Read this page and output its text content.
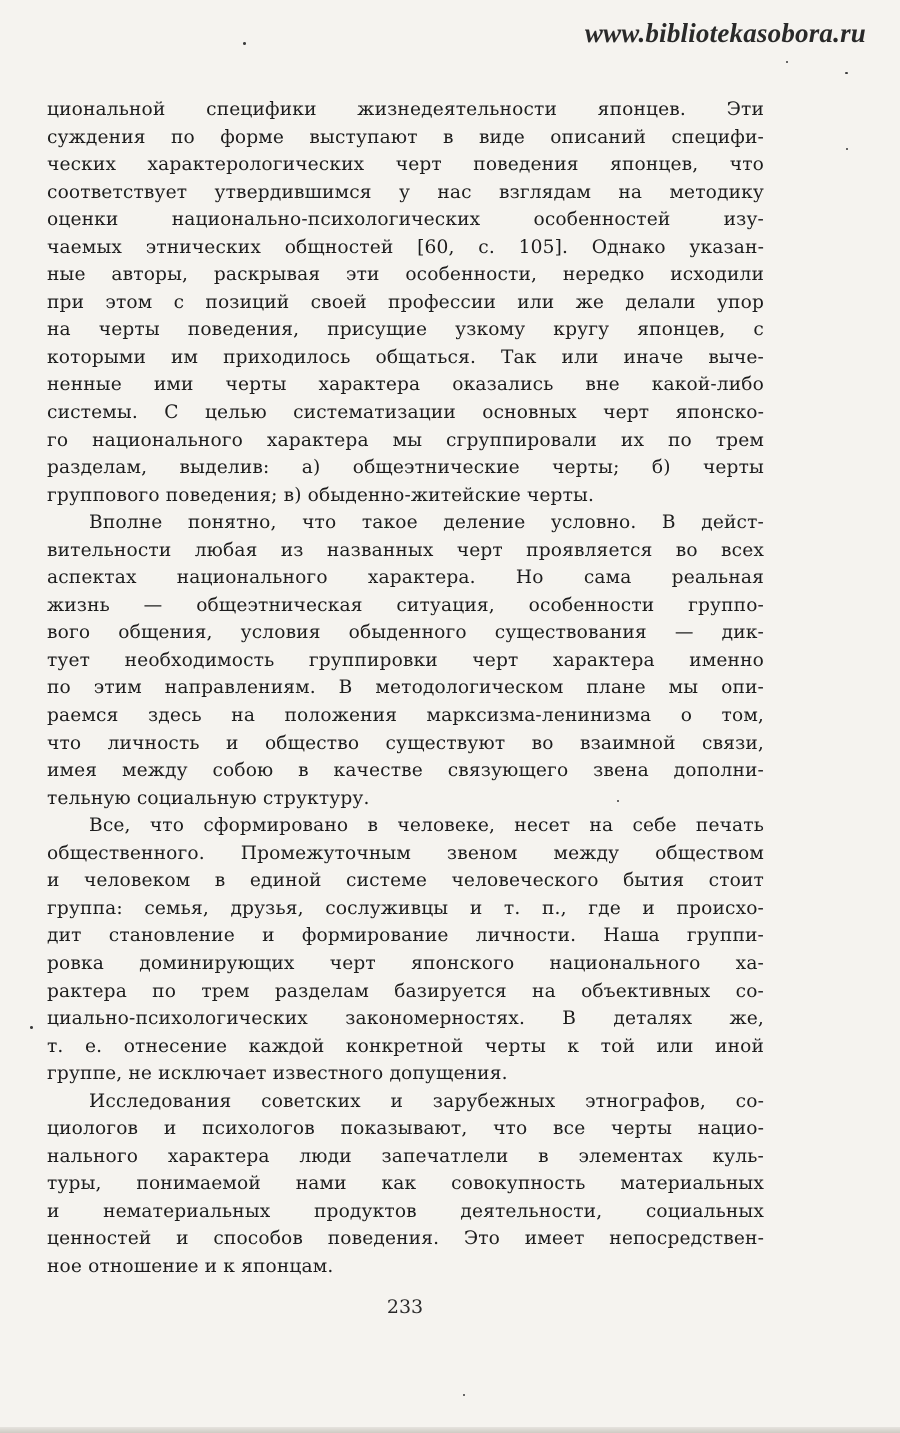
www.bibliotekasobora.ru
циональной специфики жизнедеятельности японцев. Эти
суждения по форме выступают в виде описаний специфи-
ческих характерологических черт поведения японцев, что
соответствует утвердившимся у нас взглядам на методику
оценки национально-психологических особенностей изу-
чаемых этнических общностей [60, с. 105]. Однако указан-
ные авторы, раскрывая эти особенности, нередко исходили
при этом с позиций своей профессии или же делали упор
на черты поведения, присущие узкому кругу японцев, с
которыми им приходилось общаться. Так или иначе выче-
ненные ими черты характера оказались вне какой-либо
системы. С целью систематизации основных черт японско-
го национального характера мы сгруппировали их по трем
разделам, выделив: а) общеэтнические черты; б) черты
группового поведения; в) обыденно-житейские черты.
Вполне понятно, что такое деление условно. В дейст-
вительности любая из названных черт проявляется во всех
аспектах национального характера. Но сама реальная
жизнь — общеэтническая ситуация, особенности группо-
вого общения, условия обыденного существования — дик-
тует необходимость группировки черт характера именно
по этим направлениям. В методологическом плане мы опи-
раемся здесь на положения марксизма-ленинизма о том,
что личность и общество существуют во взаимной связи,
имея между собою в качестве связующего звена дополни-
тельную социальную структуру.
Все, что сформировано в человеке, несет на себе печать
общественного. Промежуточным звеном между обществом
и человеком в единой системе человеческого бытия стоит
группа: семья, друзья, сослуживцы и т. п., где и происхо-
дит становление и формирование личности. Наша группи-
ровка доминирующих черт японского национального ха-
рактера по трем разделам базируется на объективных со-
циально-психологических закономерностях. В деталях же,
т. е. отнесение каждой конкретной черты к той или иной
группе, не исключает известного допущения.
Исследования советских и зарубежных этнографов, со-
циологов и психологов показывают, что все черты нацио-
нального характера люди запечатлели в элементах куль-
туры, понимаемой нами как совокупность материальных
и нематериальных продуктов деятельности, социальных
ценностей и способов поведения. Это имеет непосредствен-
ное отношение и к японцам.
233
